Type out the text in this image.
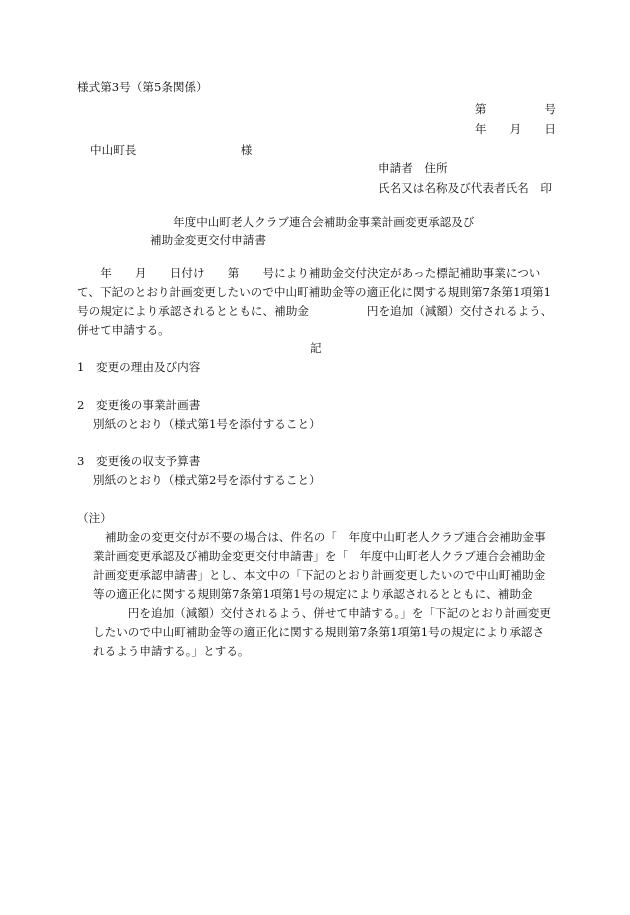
様式第3号（第5条関係）
第　　　　　号
年　　月　　日
中山町長　　　　　　　　　様
申請者　住所
氏名又は名称及び代表者氏名　印
年度中山町老人クラブ連合会補助金事業計画変更承認及び
補助金変更交付申請書
　　年　　月　　日付け　　第　　号により補助金交付決定があった標記補助事業につい
て、下記のとおり計画変更したいので中山町補助金等の適正化に関する規則第7条第1項第1
号の規定により承認されるとともに、補助金　　　　　円を追加（減額）交付されるよう、
併せて申請する。
記
1　変更の理由及び内容
2　変更後の事業計画書
別紙のとおり（様式第1号を添付すること）
3　変更後の収支予算書
別紙のとおり（様式第2号を添付すること）
（注）
補助金の変更交付が不要の場合は、件名の「　年度中山町老人クラブ連合会補助金事
業計画変更承認及び補助金変更交付申請書」を「　年度中山町老人クラブ連合会補助金
計画変更承認申請書」とし、本文中の「下記のとおり計画変更したいので中山町補助金
等の適正化に関する規則第7条第1項第1号の規定により承認されるとともに、補助金
　　　円を追加（減額）交付されるよう、併せて申請する。」を「下記のとおり計画変更
したいので中山町補助金等の適正化に関する規則第7条第1項第1号の規定により承認さ
れるよう申請する。」とする。
